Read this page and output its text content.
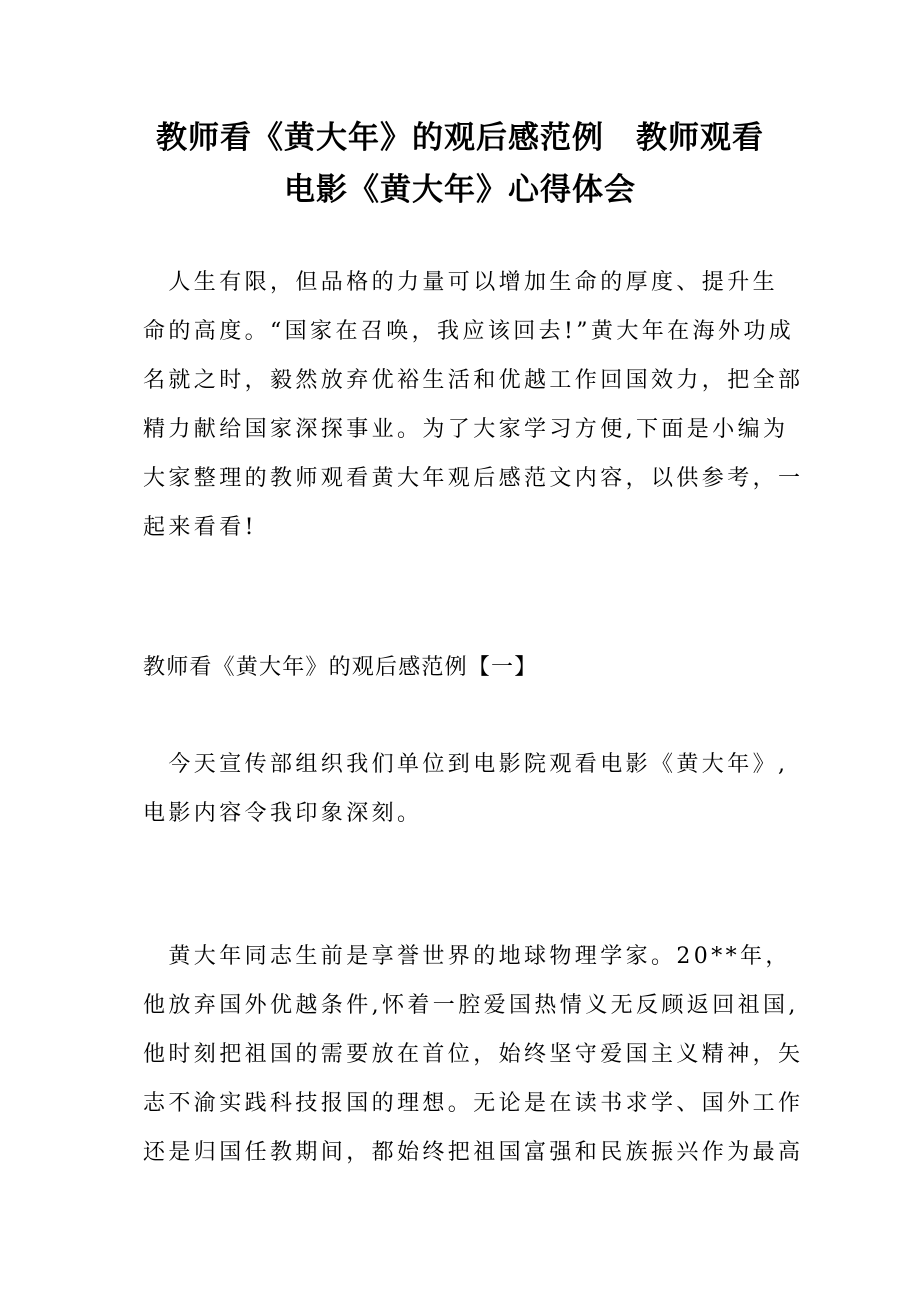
教师看《黄大年》的观后感范例　教师观看
电影《黄大年》心得体会
　人生有限，但品格的力量可以增加生命的厚度、提升生
命的高度。“国家在召唤，我应该回去!”黄大年在海外功成
名就之时，毅然放弃优裕生活和优越工作回国效力，把全部
精力献给国家深探事业。为了大家学习方便,下面是小编为
大家整理的教师观看黄大年观后感范文内容，以供参考，一
起来看看!
教师看《黄大年》的观后感范例【一】
　今天宣传部组织我们单位到电影院观看电影《黄大年》,
电影内容令我印象深刻。
　黄大年同志生前是享誉世界的地球物理学家。20**年，
他放弃国外优越条件,怀着一腔爱国热情义无反顾返回祖国,
他时刻把祖国的需要放在首位，始终坚守爱国主义精神，矢
志不渝实践科技报国的理想。无论是在读书求学、国外工作
还是归国任教期间，都始终把祖国富强和民族振兴作为最高
